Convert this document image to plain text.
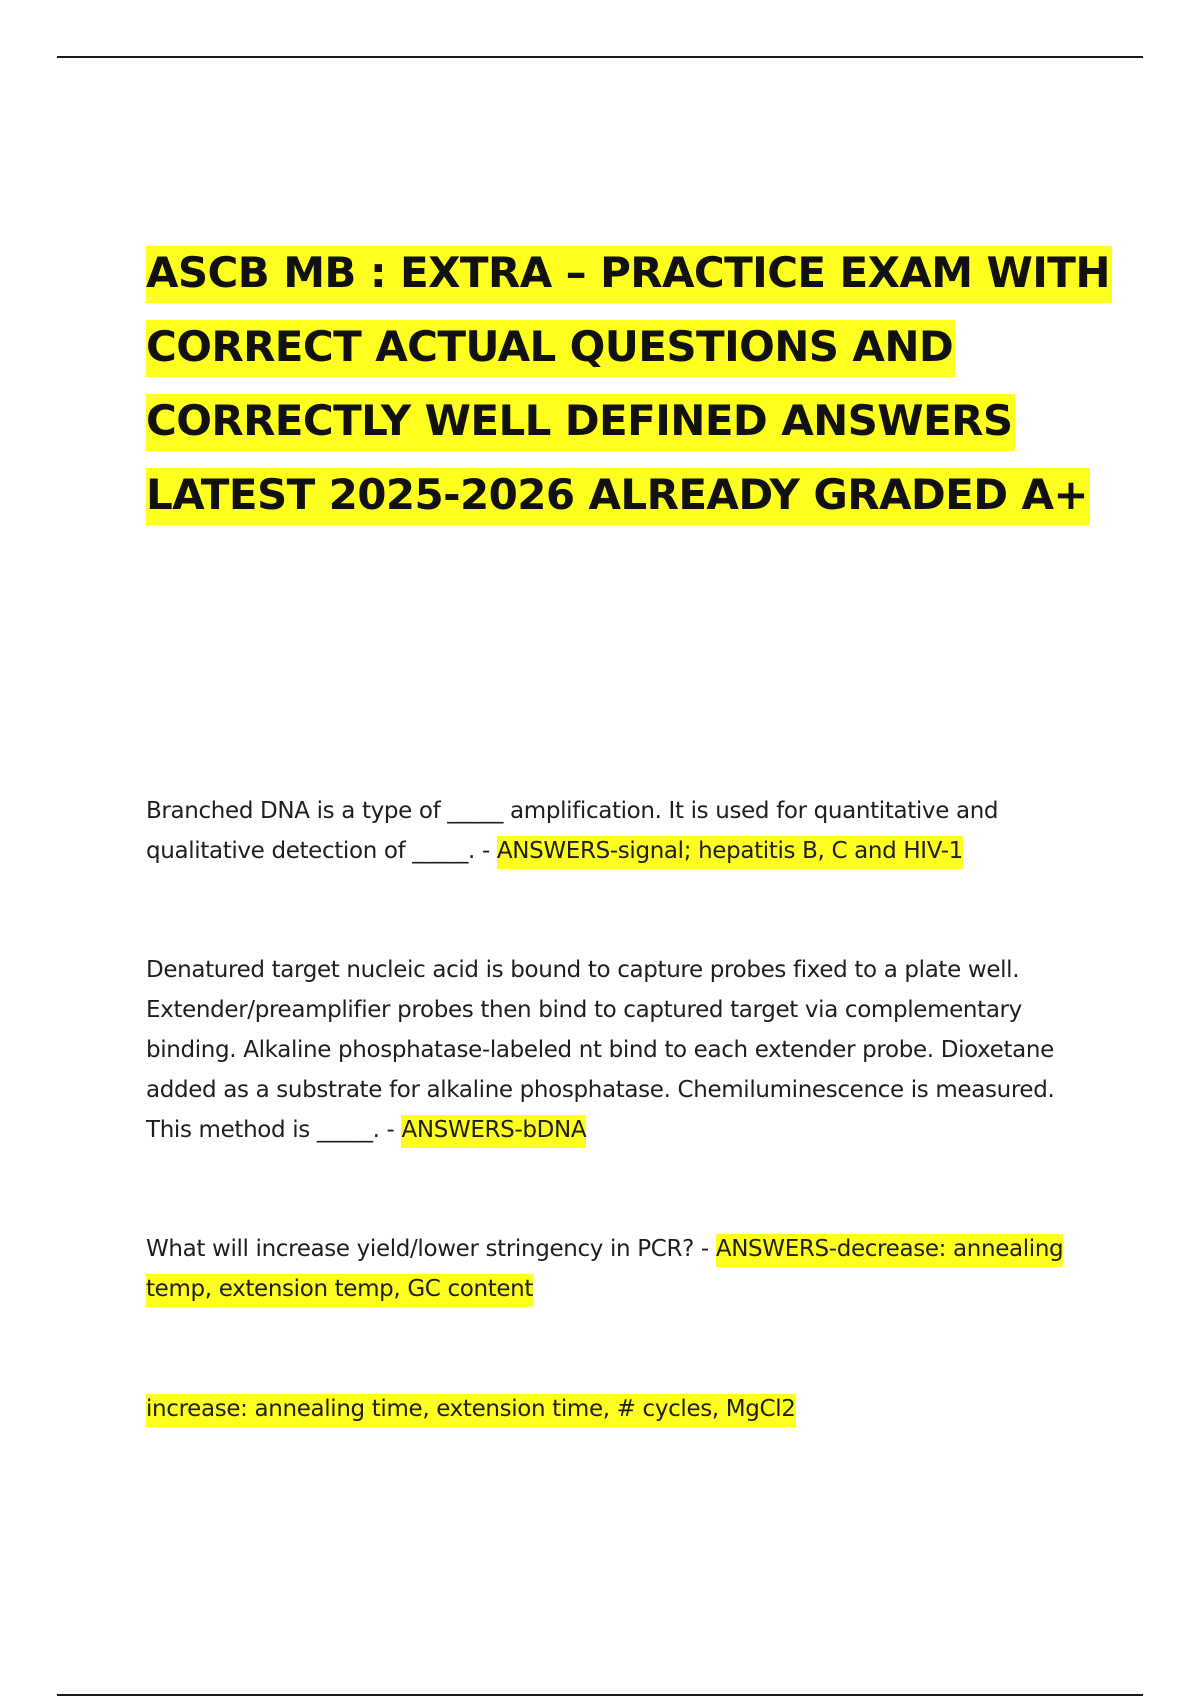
ASCB MB : EXTRA – PRACTICE EXAM WITH
CORRECT ACTUAL QUESTIONS AND
CORRECTLY WELL DEFINED ANSWERS
LATEST 2025-2026 ALREADY GRADED A+

Branched DNA is a type of _____ amplification. It is used for quantitative and qualitative detection of _____. - ANSWERS-signal; hepatitis B, C and HIV-1

Denatured target nucleic acid is bound to capture probes fixed to a plate well. Extender/preamplifier probes then bind to captured target via complementary binding. Alkaline phosphatase-labeled nt bind to each extender probe. Dioxetane added as a substrate for alkaline phosphatase. Chemiluminescence is measured. This method is _____. - ANSWERS-bDNA

What will increase yield/lower stringency in PCR? - ANSWERS-decrease: annealing temp, extension temp, GC content

increase: annealing time, extension time, # cycles, MgCl2
